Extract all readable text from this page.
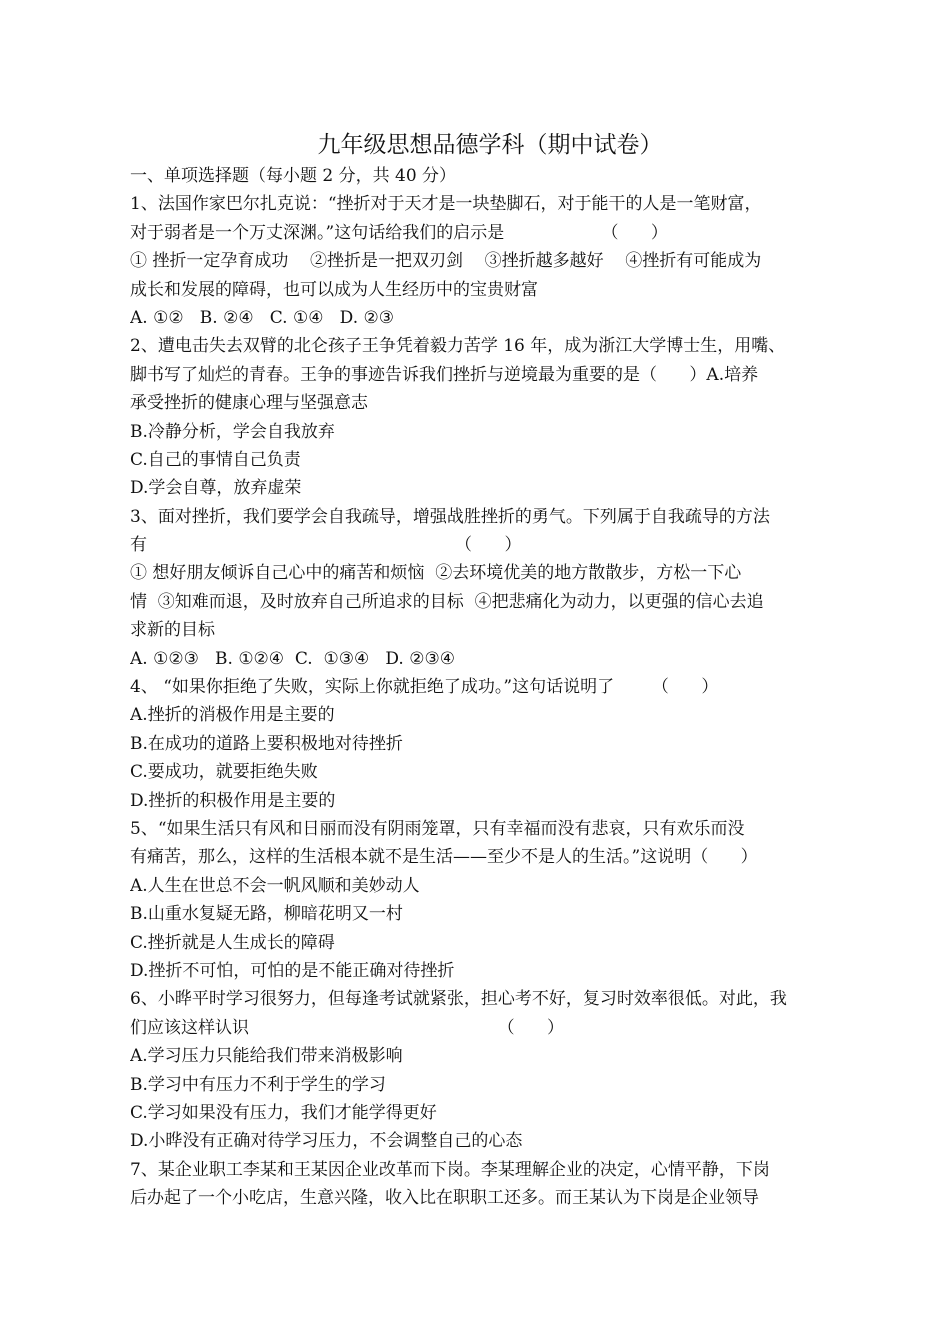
九年级思想品德学科（期中试卷）
一、单项选择题（每小题 2 分，共 40 分）
1、法国作家巴尔扎克说：“挫折对于天才是一块垫脚石，对于能干的人是一笔财富，
对于弱者是一个万丈深渊。”这句话给我们的启示是                  （      ）
① 挫折一定孕育成功    ②挫折是一把双刃剑    ③挫折越多越好    ④挫折有可能成为
成长和发展的障碍，也可以成为人生经历中的宝贵财富
A. ①②   B. ②④   C. ①④   D. ②③
2、遭电击失去双臂的北仑孩子王争凭着毅力苦学 16 年，成为浙江大学博士生，用嘴、
脚书写了灿烂的青春。王争的事迹告诉我们挫折与逆境最为重要的是（      ）A.培养
承受挫折的健康心理与坚强意志
B.冷静分析，学会自我放弃
C.自己的事情自己负责
D.学会自尊，放弃虚荣
3、面对挫折，我们要学会自我疏导，增强战胜挫折的勇气。下列属于自我疏导的方法
有                                                         （      ）
① 想好朋友倾诉自己心中的痛苦和烦恼  ②去环境优美的地方散散步，方松一下心
情  ③知难而退，及时放弃自己所追求的目标  ④把悲痛化为动力，以更强的信心去追
求新的目标
A. ①②③   B. ①②④  C.  ①③④   D. ②③④
4、 “如果你拒绝了失败，实际上你就拒绝了成功。”这句话说明了       （      ）
A.挫折的消极作用是主要的
B.在成功的道路上要积极地对待挫折
C.要成功，就要拒绝失败
D.挫折的积极作用是主要的
5、“如果生活只有风和日丽而没有阴雨笼罩，只有幸福而没有悲哀，只有欢乐而没
有痛苦，那么，这样的生活根本就不是生活——至少不是人的生活。”这说明（      ）
A.人生在世总不会一帆风顺和美妙动人
B.山重水复疑无路，柳暗花明又一村
C.挫折就是人生成长的障碍
D.挫折不可怕，可怕的是不能正确对待挫折
6、小晔平时学习很努力，但每逢考试就紧张，担心考不好，复习时效率很低。对此，我
们应该这样认识                                              （      ）
A.学习压力只能给我们带来消极影响
B.学习中有压力不利于学生的学习
C.学习如果没有压力，我们才能学得更好
D.小晔没有正确对待学习压力，不会调整自己的心态
7、某企业职工李某和王某因企业改革而下岗。李某理解企业的决定，心情平静，下岗
后办起了一个小吃店，生意兴隆，收入比在职职工还多。而王某认为下岗是企业领导
